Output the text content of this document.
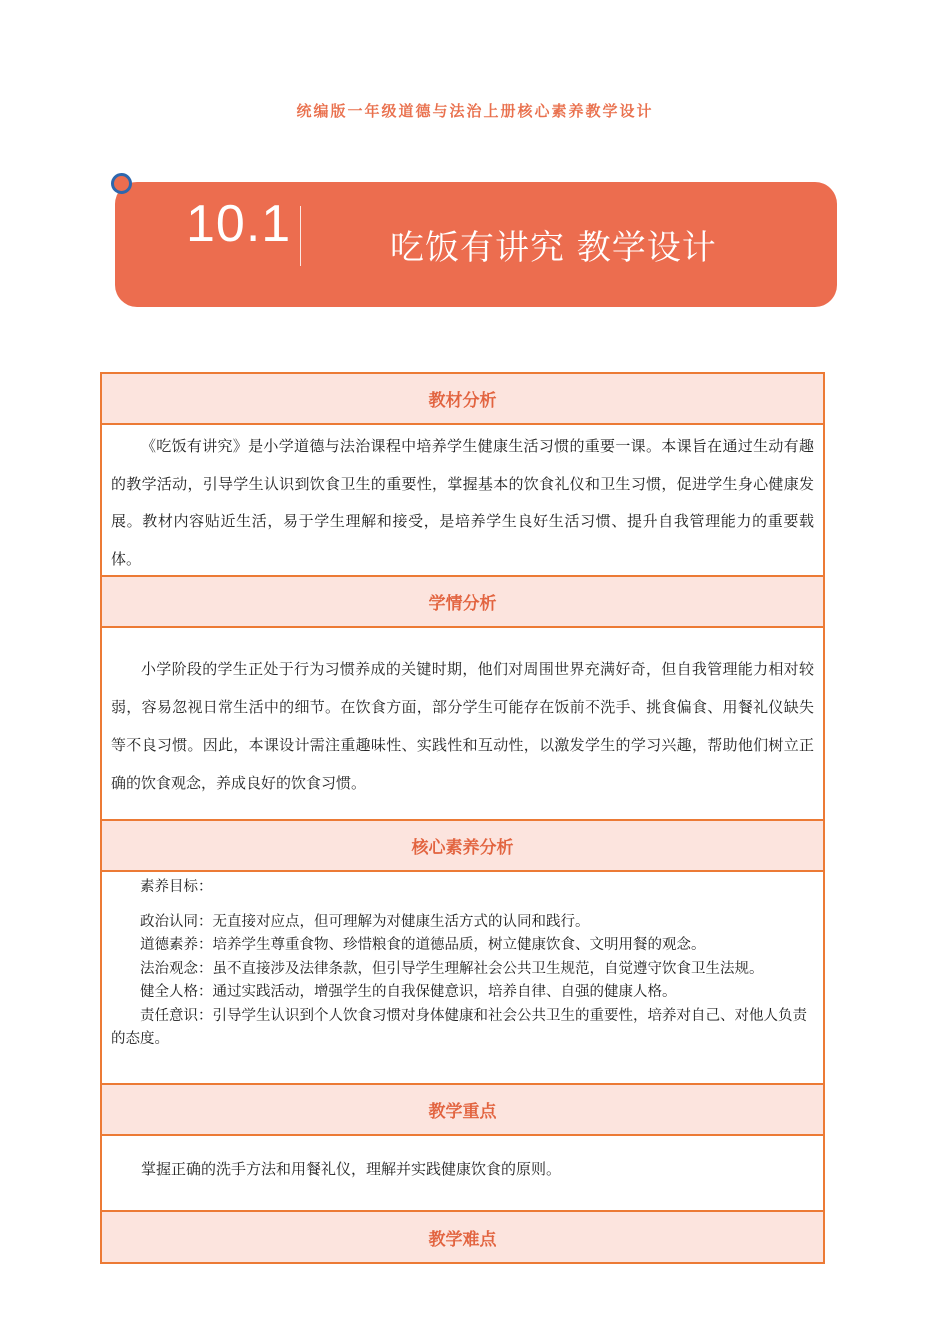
统编版一年级道德与法治上册核心素养教学设计
10.1	吃饭有讲究 教学设计
教材分析
《吃饭有讲究》是小学道德与法治课程中培养学生健康生活习惯的重要一课。本课旨在通过生动有趣的教学活动，引导学生认识到饮食卫生的重要性，掌握基本的饮食礼仪和卫生习惯，促进学生身心健康发展。教材内容贴近生活，易于学生理解和接受，是培养学生良好生活习惯、提升自我管理能力的重要载体。
学情分析
小学阶段的学生正处于行为习惯养成的关键时期，他们对周围世界充满好奇，但自我管理能力相对较弱，容易忽视日常生活中的细节。在饮食方面，部分学生可能存在饭前不洗手、挑食偏食、用餐礼仪缺失等不良习惯。因此，本课设计需注重趣味性、实践性和互动性，以激发学生的学习兴趣，帮助他们树立正确的饮食观念，养成良好的饮食习惯。
核心素养分析

素养目标：

政治认同：无直接对应点，但可理解为对健康生活方式的认同和践行。

道德素养：培养学生尊重食物、珍惜粮食的道德品质，树立健康饮食、文明用餐的观念。

法治观念：虽不直接涉及法律条款，但引导学生理解社会公共卫生规范，自觉遵守饮食卫生法规。

健全人格：通过实践活动，增强学生的自我保健意识，培养自律、自强的健康人格。

责任意识：引导学生认识到个人饮食习惯对身体健康和社会公共卫生的重要性，培养对自己、对他人负责的态度。

教学重点
掌握正确的洗手方法和用餐礼仪，理解并实践健康饮食的原则。
教学难点
